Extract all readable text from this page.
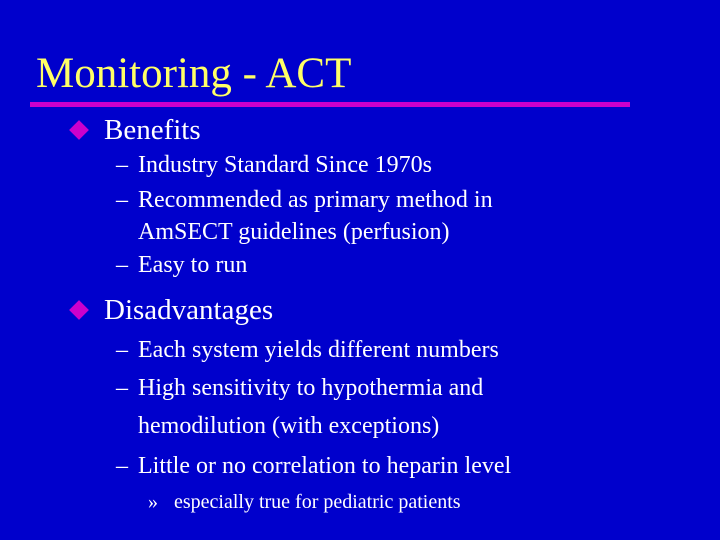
Monitoring - ACT
Benefits
– Industry Standard Since 1970s
– Recommended as primary method in
AmSECT guidelines (perfusion)
– Easy to run
Disadvantages
– Each system yields different numbers
– High sensitivity to hypothermia and
hemodilution (with exceptions)
– Little or no correlation to heparin level
» especially true for pediatric patients
